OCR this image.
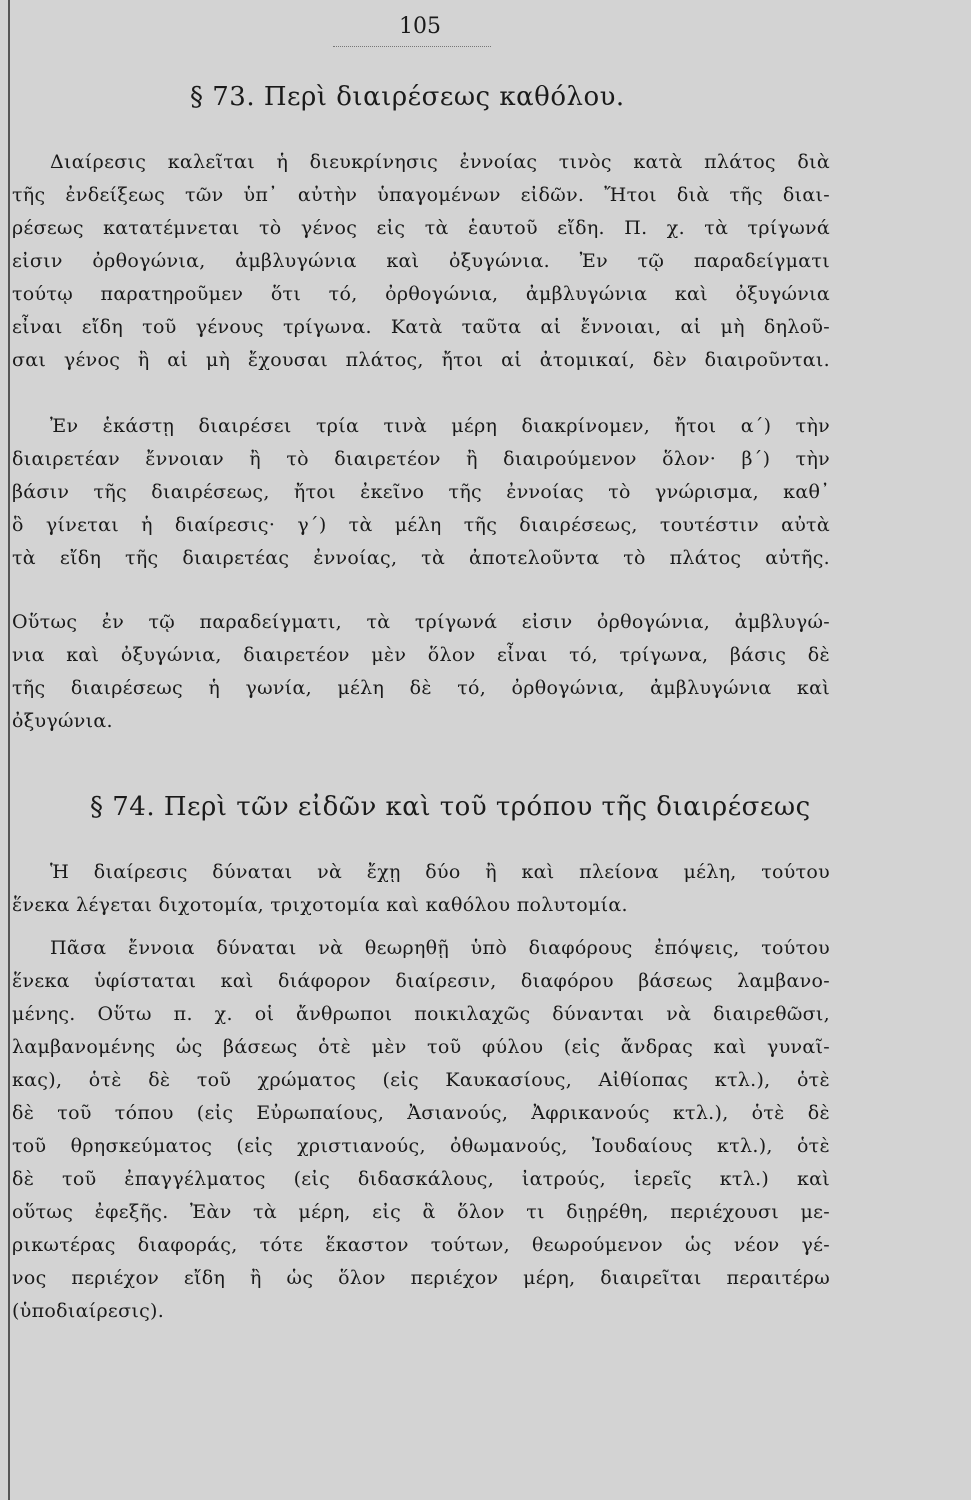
105
§ 73. Περὶ διαιρέσεως καθόλου.
Διαίρεσις καλεῖται ἡ διευκρίνησις ἐννοίας τινὸς κατὰ πλάτος διὰ
τῆς ἐνδείξεως τῶν ὑπ᾽ αὐτὴν ὑπαγομένων εἰδῶν. Ἤτοι διὰ τῆς διαι-
ρέσεως κατατέμνεται τὸ γένος εἰς τὰ ἑαυτοῦ εἴδη. Π. χ. τὰ τρίγωνά
εἰσιν ὀρθογώνια, ἀμβλυγώνια καὶ ὀξυγώνια. Ἐν τῷ παραδείγματι
τούτῳ παρατηροῦμεν ὅτι τό, ὀρθογώνια, ἀμβλυγώνια καὶ ὀξυγώνια
εἶναι εἴδη τοῦ γένους τρίγωνα. Κατὰ ταῦτα αἱ ἔννοιαι, αἱ μὴ δηλοῦ-
σαι γένος ἢ αἱ μὴ ἔχουσαι πλάτος, ἤτοι αἱ ἀτομικαί, δὲν διαιροῦνται.
Ἐν ἑκάστῃ διαιρέσει τρία τινὰ μέρη διακρίνομεν, ἤτοι α΄) τὴν
διαιρετέαν ἔννοιαν ἢ τὸ διαιρετέον ἢ διαιρούμενον ὅλον· β΄) τὴν
βάσιν τῆς διαιρέσεως, ἤτοι ἐκεῖνο τῆς ἐννοίας τὸ γνώρισμα, καθ᾽
ὃ γίνεται ἡ διαίρεσις· γ΄) τὰ μέλη τῆς διαιρέσεως, τουτέστιν αὐτὰ
τὰ εἴδη τῆς διαιρετέας ἐννοίας, τὰ ἀποτελοῦντα τὸ πλάτος αὐτῆς.
Οὕτως ἐν τῷ παραδείγματι, τὰ τρίγωνά εἰσιν ὀρθογώνια, ἀμβλυγώ-
νια καὶ ὀξυγώνια, διαιρετέον μὲν ὅλον εἶναι τό, τρίγωνα, βάσις δὲ
τῆς διαιρέσεως ἡ γωνία, μέλη δὲ τό, ὀρθογώνια, ἀμβλυγώνια καὶ
ὀξυγώνια.
§ 74. Περὶ τῶν εἰδῶν καὶ τοῦ τρόπου τῆς διαιρέσεως
Ἡ διαίρεσις δύναται νὰ ἔχῃ δύο ἢ καὶ πλείονα μέλη, τούτου
ἕνεκα λέγεται διχοτομία, τριχοτομία καὶ καθόλου πολυτομία.
Πᾶσα ἔννοια δύναται νὰ θεωρηθῇ ὑπὸ διαφόρους ἐπόψεις, τούτου
ἕνεκα ὑφίσταται καὶ διάφορον διαίρεσιν, διαφόρου βάσεως λαμβανο-
μένης. Οὕτω π. χ. οἱ ἄνθρωποι ποικιλαχῶς δύνανται νὰ διαιρεθῶσι,
λαμβανομένης ὡς βάσεως ὁτὲ μὲν τοῦ φύλου (εἰς ἄνδρας καὶ γυναῖ-
κας), ὁτὲ δὲ τοῦ χρώματος (εἰς Καυκασίους, Αἰθίοπας κτλ.), ὁτὲ
δὲ τοῦ τόπου (εἰς Εὐρωπαίους, Ἀσιανούς, Ἀφρικανούς κτλ.), ὁτὲ δὲ
τοῦ θρησκεύματος (εἰς χριστιανούς, ὀθωμανούς, Ἰουδαίους κτλ.), ὁτὲ
δὲ τοῦ ἐπαγγέλματος (εἰς διδασκάλους, ἰατρούς, ἱερεῖς κτλ.) καὶ
οὕτως ἐφεξῆς. Ἐὰν τὰ μέρη, εἰς ἃ ὅλον τι διῃρέθη, περιέχουσι με-
ρικωτέρας διαφοράς, τότε ἕκαστον τούτων, θεωρούμενον ὡς νέον γέ-
νος περιέχον εἴδη ἢ ὡς ὅλον περιέχον μέρη, διαιρεῖται περαιτέρω
(ὑποδιαίρεσις).
